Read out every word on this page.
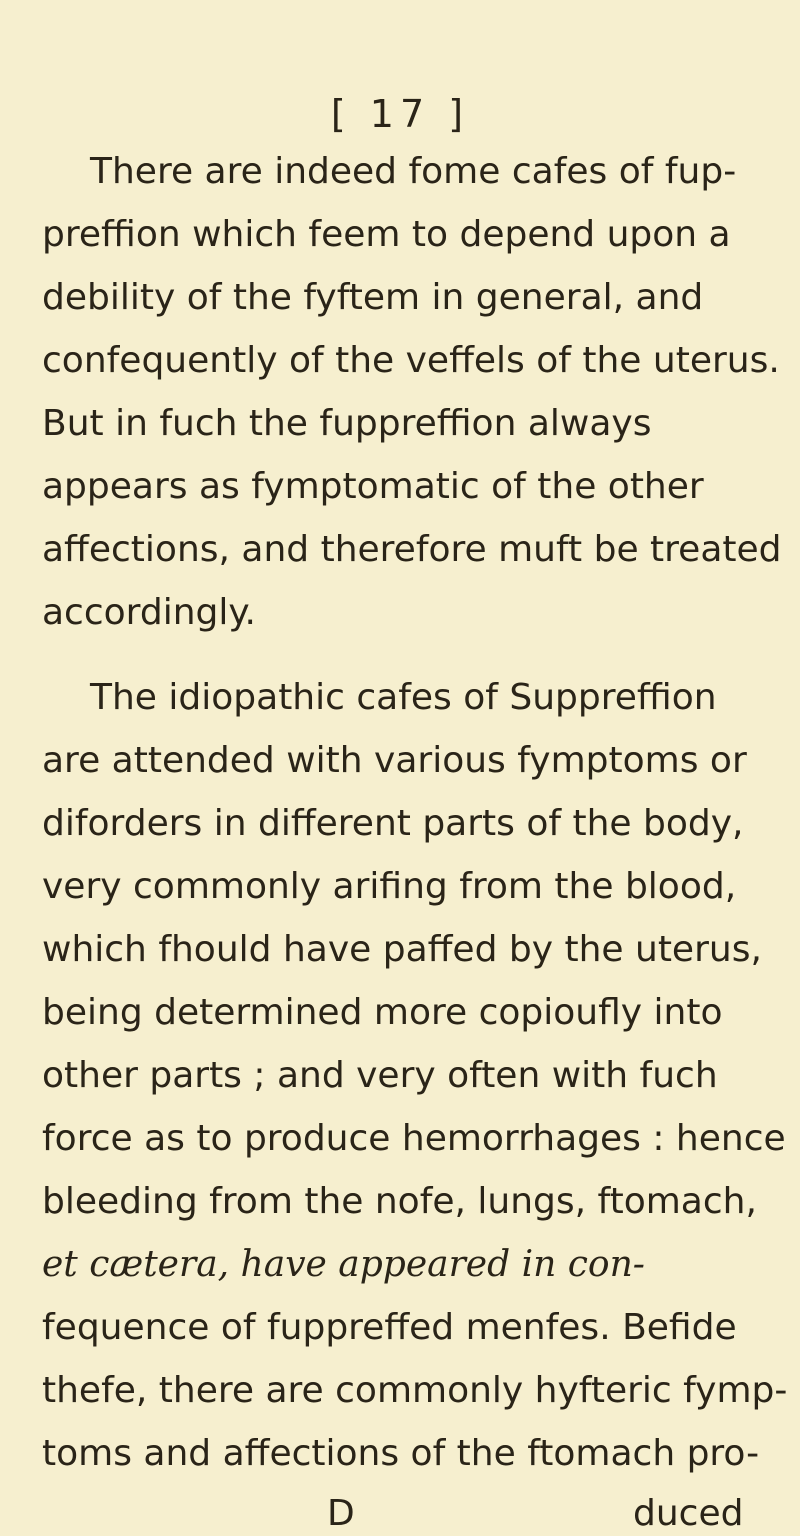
[ 17 ]
There are indeed fome cafes of fup-
preffion which feem to depend upon a
debility of the fyftem in general, and
confequently of the veffels of the uterus.
But in fuch the fuppreffion always
appears as fymptomatic of the other
affections, and therefore muft be treated
accordingly.
The idiopathic cafes of Suppreffion
are attended with various fymptoms or
diforders in different parts of the body,
very commonly arifing from the blood,
which fhould have paffed by the uterus,
being determined more copioufly into
other parts ; and very often with fuch
force as to produce hemorrhages : hence
bleeding from the nofe, lungs, ftomach,
et cætera, have appeared in con-
fequence of fuppreffed menfes. Befide
thefe, there are commonly hyfteric fymp-
toms and affections of the ftomach pro-
D	duced
